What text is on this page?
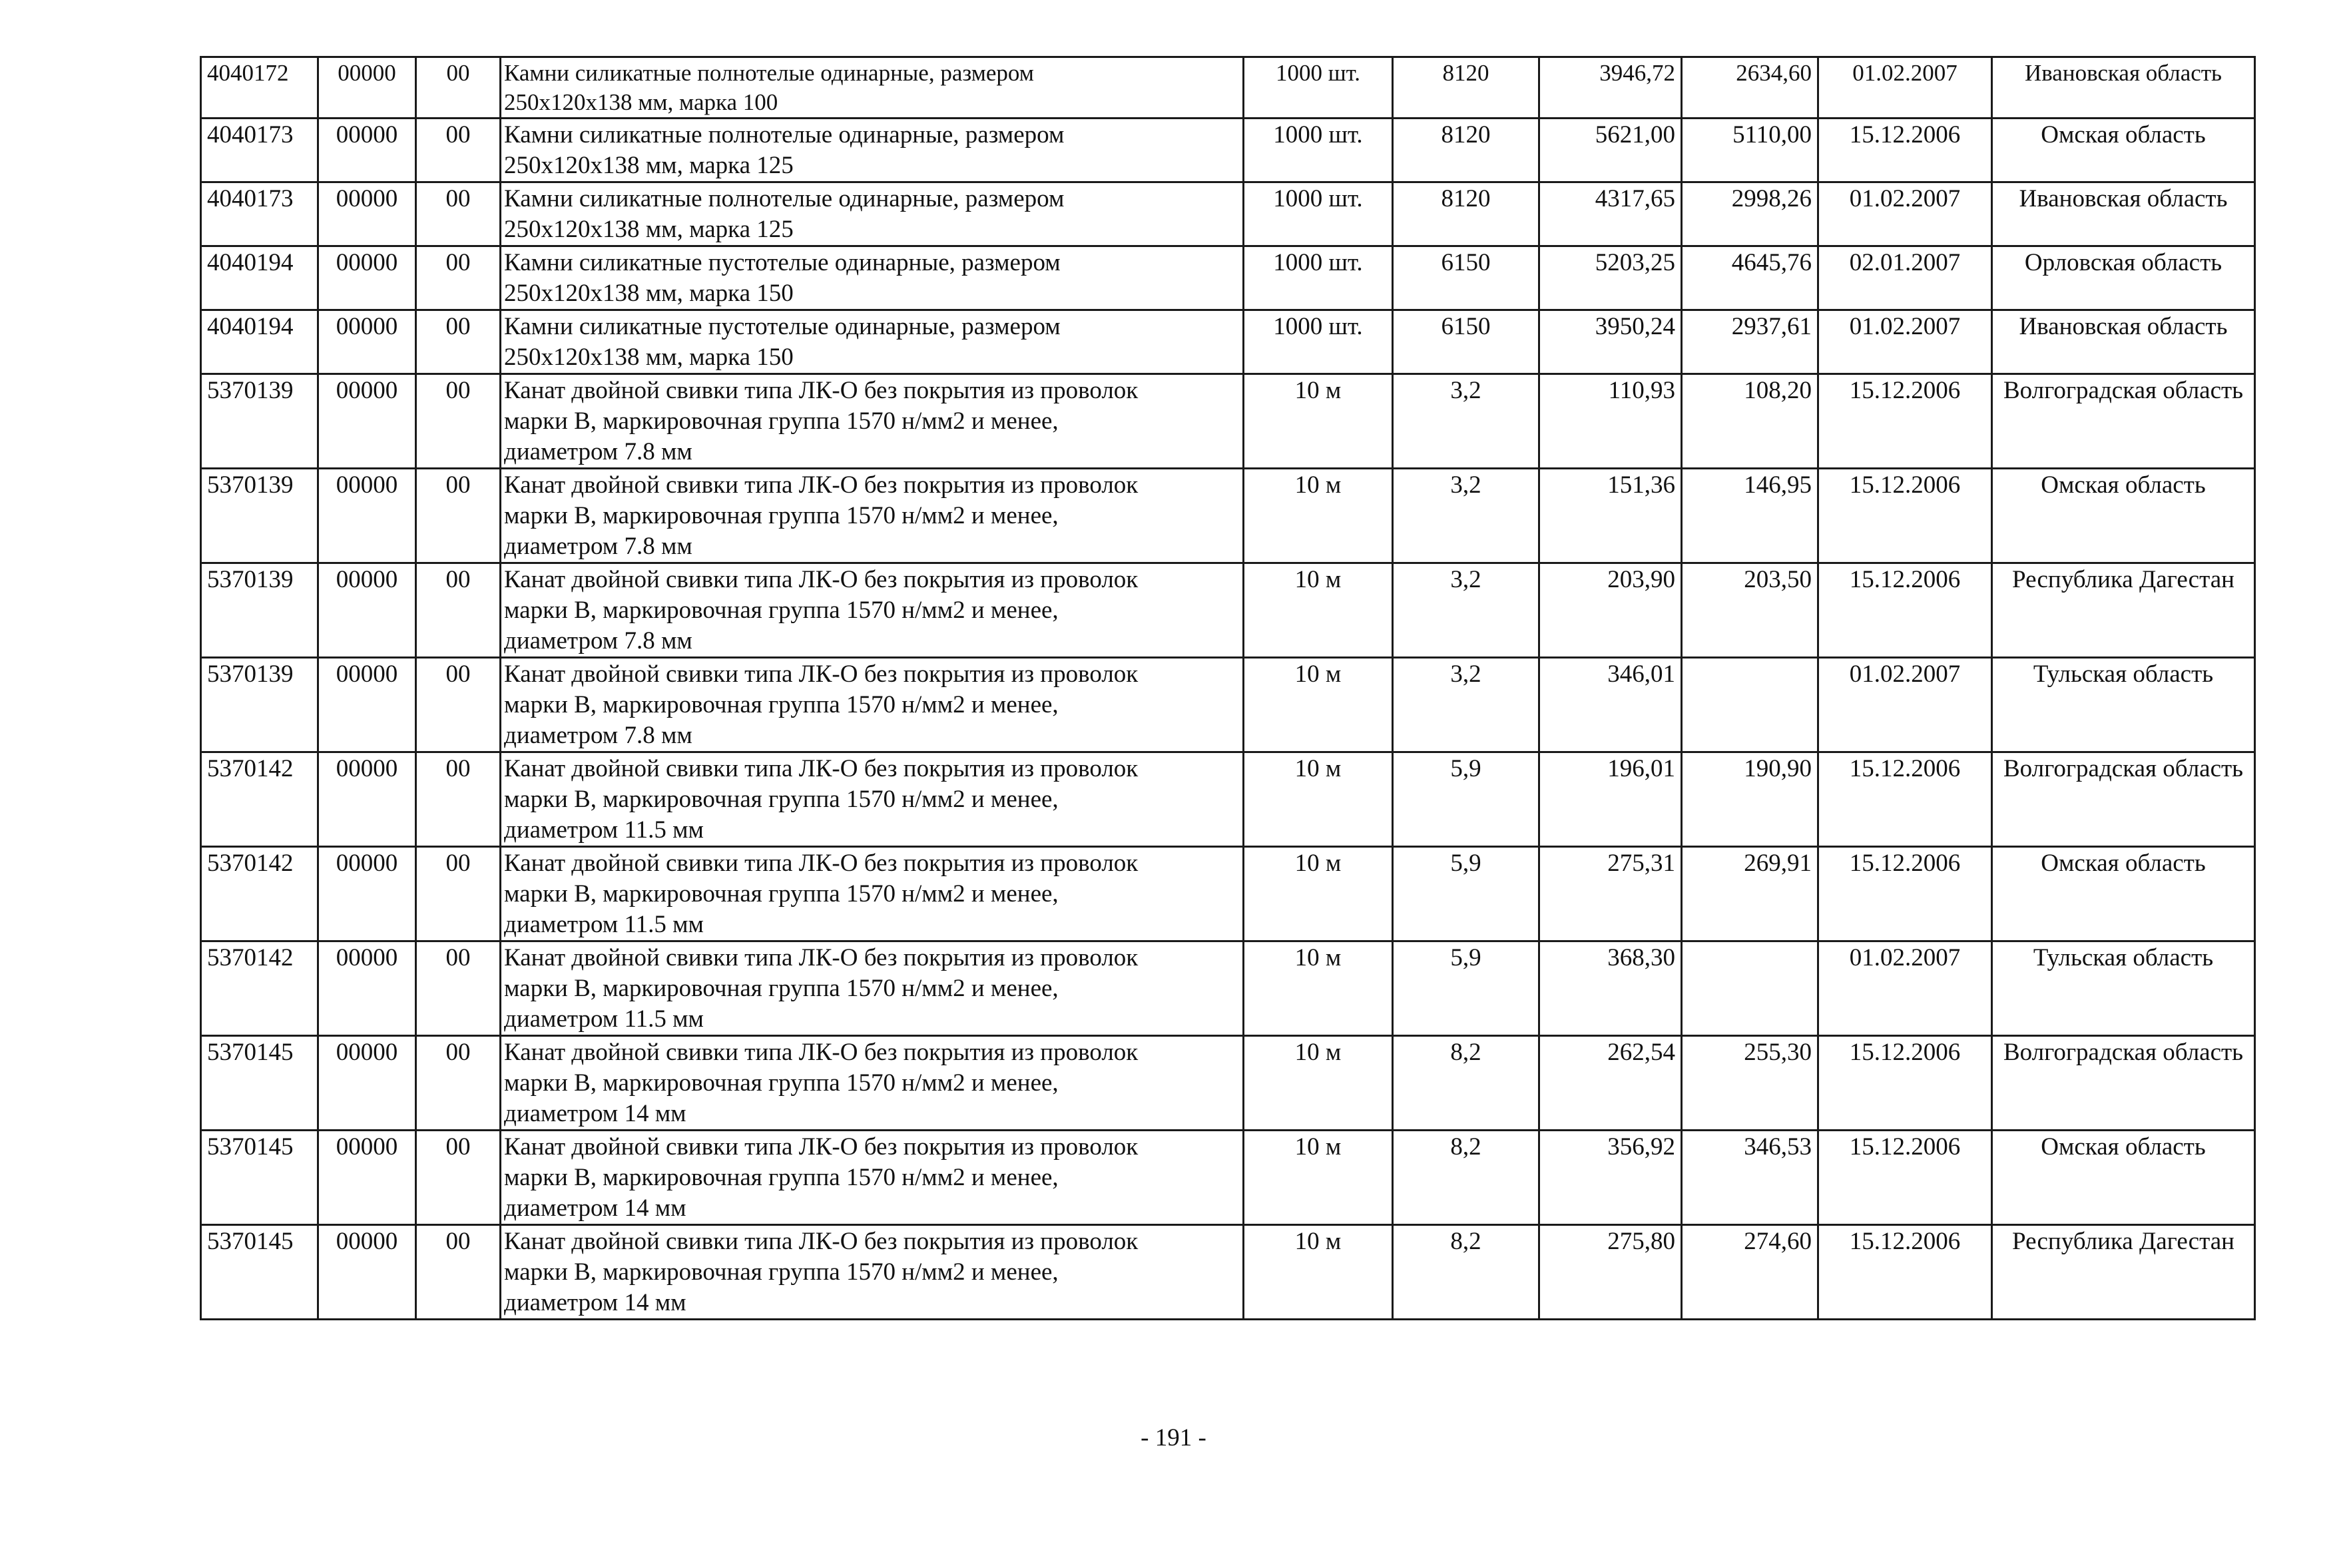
4040172	00000	00	Камни силикатные полнотелые одинарные, размером
250x120x138 мм, марка 100	1000 шт.	8120	3946,72	2634,60	01.02.2007	Ивановская область
4040173	00000	00	Камни силикатные полнотелые одинарные, размером
250x120x138 мм, марка 125	1000 шт.	8120	5621,00	5110,00	15.12.2006	Омская область
4040173	00000	00	Камни силикатные полнотелые одинарные, размером
250x120x138 мм, марка 125	1000 шт.	8120	4317,65	2998,26	01.02.2007	Ивановская область
4040194	00000	00	Камни силикатные пустотелые одинарные, размером
250x120x138 мм, марка 150	1000 шт.	6150	5203,25	4645,76	02.01.2007	Орловская область
4040194	00000	00	Камни силикатные пустотелые одинарные, размером
250x120x138 мм, марка 150	1000 шт.	6150	3950,24	2937,61	01.02.2007	Ивановская область
5370139	00000	00	Канат двойной свивки типа ЛК-О без покрытия из проволок
марки В, маркировочная группа 1570 н/мм2 и менее,
диаметром 7.8 мм	10 м	3,2	110,93	108,20	15.12.2006	Волгоградская область
5370139	00000	00	Канат двойной свивки типа ЛК-О без покрытия из проволок
марки В, маркировочная группа 1570 н/мм2 и менее,
диаметром 7.8 мм	10 м	3,2	151,36	146,95	15.12.2006	Омская область
5370139	00000	00	Канат двойной свивки типа ЛК-О без покрытия из проволок
марки В, маркировочная группа 1570 н/мм2 и менее,
диаметром 7.8 мм	10 м	3,2	203,90	203,50	15.12.2006	Республика Дагестан
5370139	00000	00	Канат двойной свивки типа ЛК-О без покрытия из проволок
марки В, маркировочная группа 1570 н/мм2 и менее,
диаметром 7.8 мм	10 м	3,2	346,01		01.02.2007	Тульская область
5370142	00000	00	Канат двойной свивки типа ЛК-О без покрытия из проволок
марки В, маркировочная группа 1570 н/мм2 и менее,
диаметром 11.5 мм	10 м	5,9	196,01	190,90	15.12.2006	Волгоградская область
5370142	00000	00	Канат двойной свивки типа ЛК-О без покрытия из проволок
марки В, маркировочная группа 1570 н/мм2 и менее,
диаметром 11.5 мм	10 м	5,9	275,31	269,91	15.12.2006	Омская область
5370142	00000	00	Канат двойной свивки типа ЛК-О без покрытия из проволок
марки В, маркировочная группа 1570 н/мм2 и менее,
диаметром 11.5 мм	10 м	5,9	368,30		01.02.2007	Тульская область
5370145	00000	00	Канат двойной свивки типа ЛК-О без покрытия из проволок
марки В, маркировочная группа 1570 н/мм2 и менее,
диаметром 14 мм	10 м	8,2	262,54	255,30	15.12.2006	Волгоградская область
5370145	00000	00	Канат двойной свивки типа ЛК-О без покрытия из проволок
марки В, маркировочная группа 1570 н/мм2 и менее,
диаметром 14 мм	10 м	8,2	356,92	346,53	15.12.2006	Омская область
5370145	00000	00	Канат двойной свивки типа ЛК-О без покрытия из проволок
марки В, маркировочная группа 1570 н/мм2 и менее,
диаметром 14 мм	10 м	8,2	275,80	274,60	15.12.2006	Республика Дагестан
- 191 -
